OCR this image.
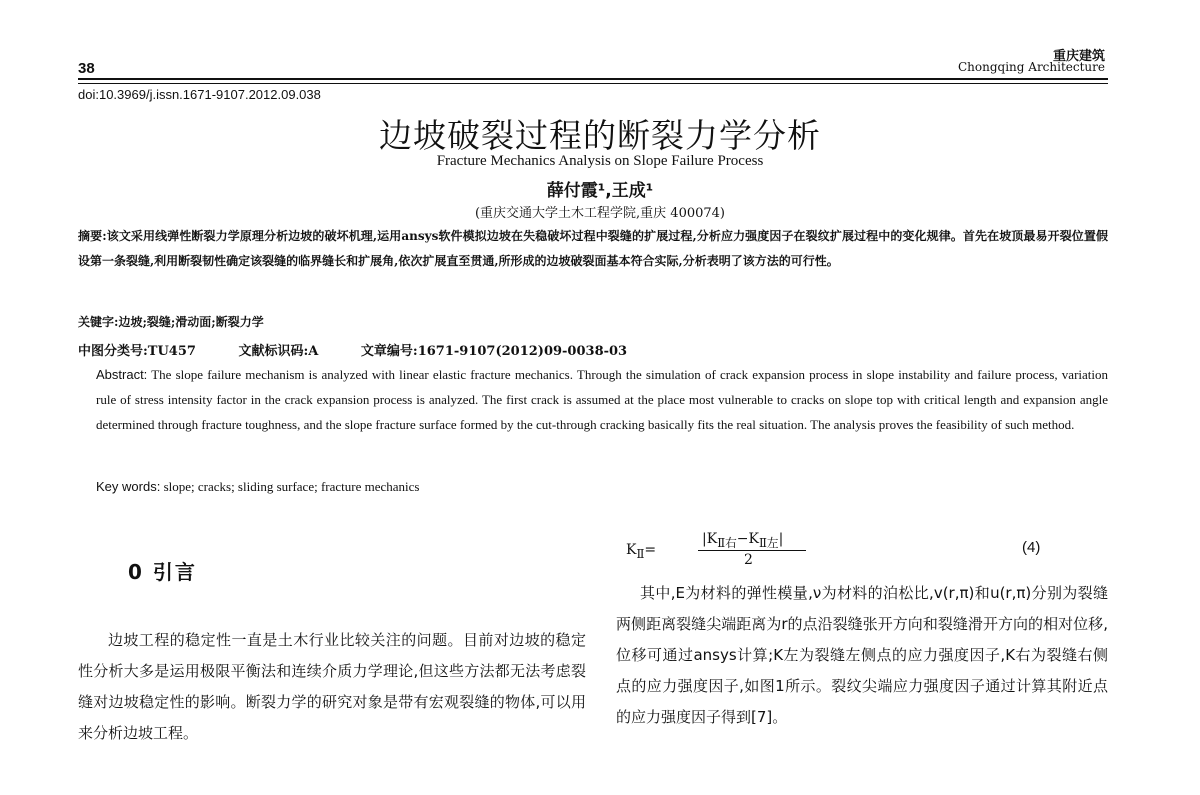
重庆建筑
Chongqing Architecture
38
doi:10.3969/j.issn.1671-9107.2012.09.038
边坡破裂过程的断裂力学分析
Fracture Mechanics Analysis on Slope Failure Process
薛付霞¹,王成¹
(重庆交通大学土木工程学院,重庆 400074)
摘要:该文采用线弹性断裂力学原理分析边坡的破坏机理,运用ansys软件模拟边坡在失稳破坏过程中裂缝的扩展过程,分析应力强度因子在裂纹扩展过程中的变化规律。首先在坡顶最易开裂位置假设第一条裂缝,利用断裂韧性确定该裂缝的临界缝长和扩展角,依次扩展直至贯通,所形成的边坡破裂面基本符合实际,分析表明了该方法的可行性。
关键字:边坡;裂缝;滑动面;断裂力学
中图分类号:TU457	文献标识码:A	文章编号:1671-9107(2012)09-0038-03
Abstract: The slope failure mechanism is analyzed with linear elastic fracture mechanics. Through the simulation of crack expansion process in slope instability and failure process, variation rule of stress intensity factor in the crack expansion process is analyzed. The first crack is assumed at the place most vulnerable to cracks on slope top with critical length and expansion angle determined through fracture toughness, and the slope fracture surface formed by the cut-through cracking basically fits the real situation. The analysis proves the feasibility of such method.
Key words: slope; cracks; sliding surface; fracture mechanics
0 引言
边坡工程的稳定性一直是土木行业比较关注的问题。目前对边坡的稳定性分析大多是运用极限平衡法和连续介质力学理论,但这些方法都无法考虑裂缝对边坡稳定性的影响。断裂力学的研究对象是带有宏观裂缝的物体,可以用来分析边坡工程。
$K_Ⅱ=$
$|K_{Ⅱ右}-K_{Ⅱ左}|$
2
(4)
其中,E为材料的弹性模量,ν为材料的泊松比,v(r,π)和u(r,π)分别为裂缝两侧距离裂缝尖端距离为r的点沿裂缝张开方向和裂缝滑开方向的相对位移,位移可通过ansys计算;K左为裂缝左侧点的应力强度因子,K右为裂缝右侧点的应力强度因子,如图1所示。裂纹尖端应力强度因子通过计算其附近点的应力强度因子得到[7]。
